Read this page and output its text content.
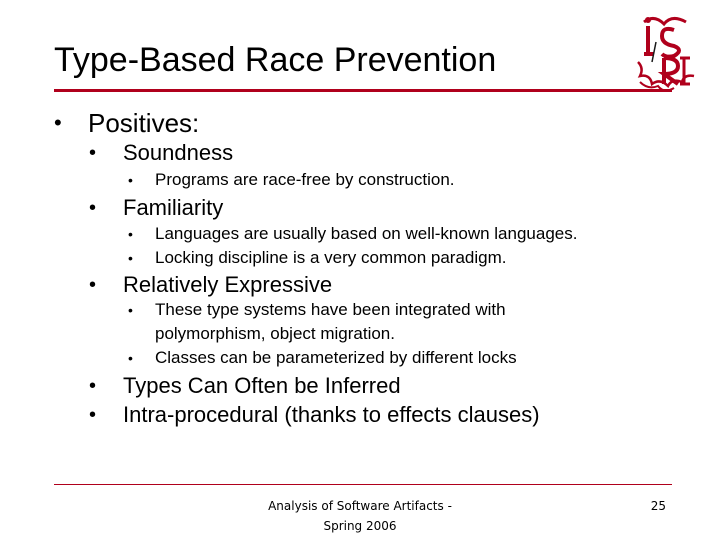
Type-Based Race Prevention
• Positives:
• Soundness
• Programs are race-free by construction.
• Familiarity
• Languages are usually based on well-known languages.
• Locking discipline is a very common paradigm.
• Relatively Expressive
• These type systems have been integrated with
polymorphism, object migration.
• Classes can be parameterized by different locks
• Types Can Often be Inferred
• Intra-procedural (thanks to effects clauses)
Analysis of Software Artifacts -
Spring 2006
25
